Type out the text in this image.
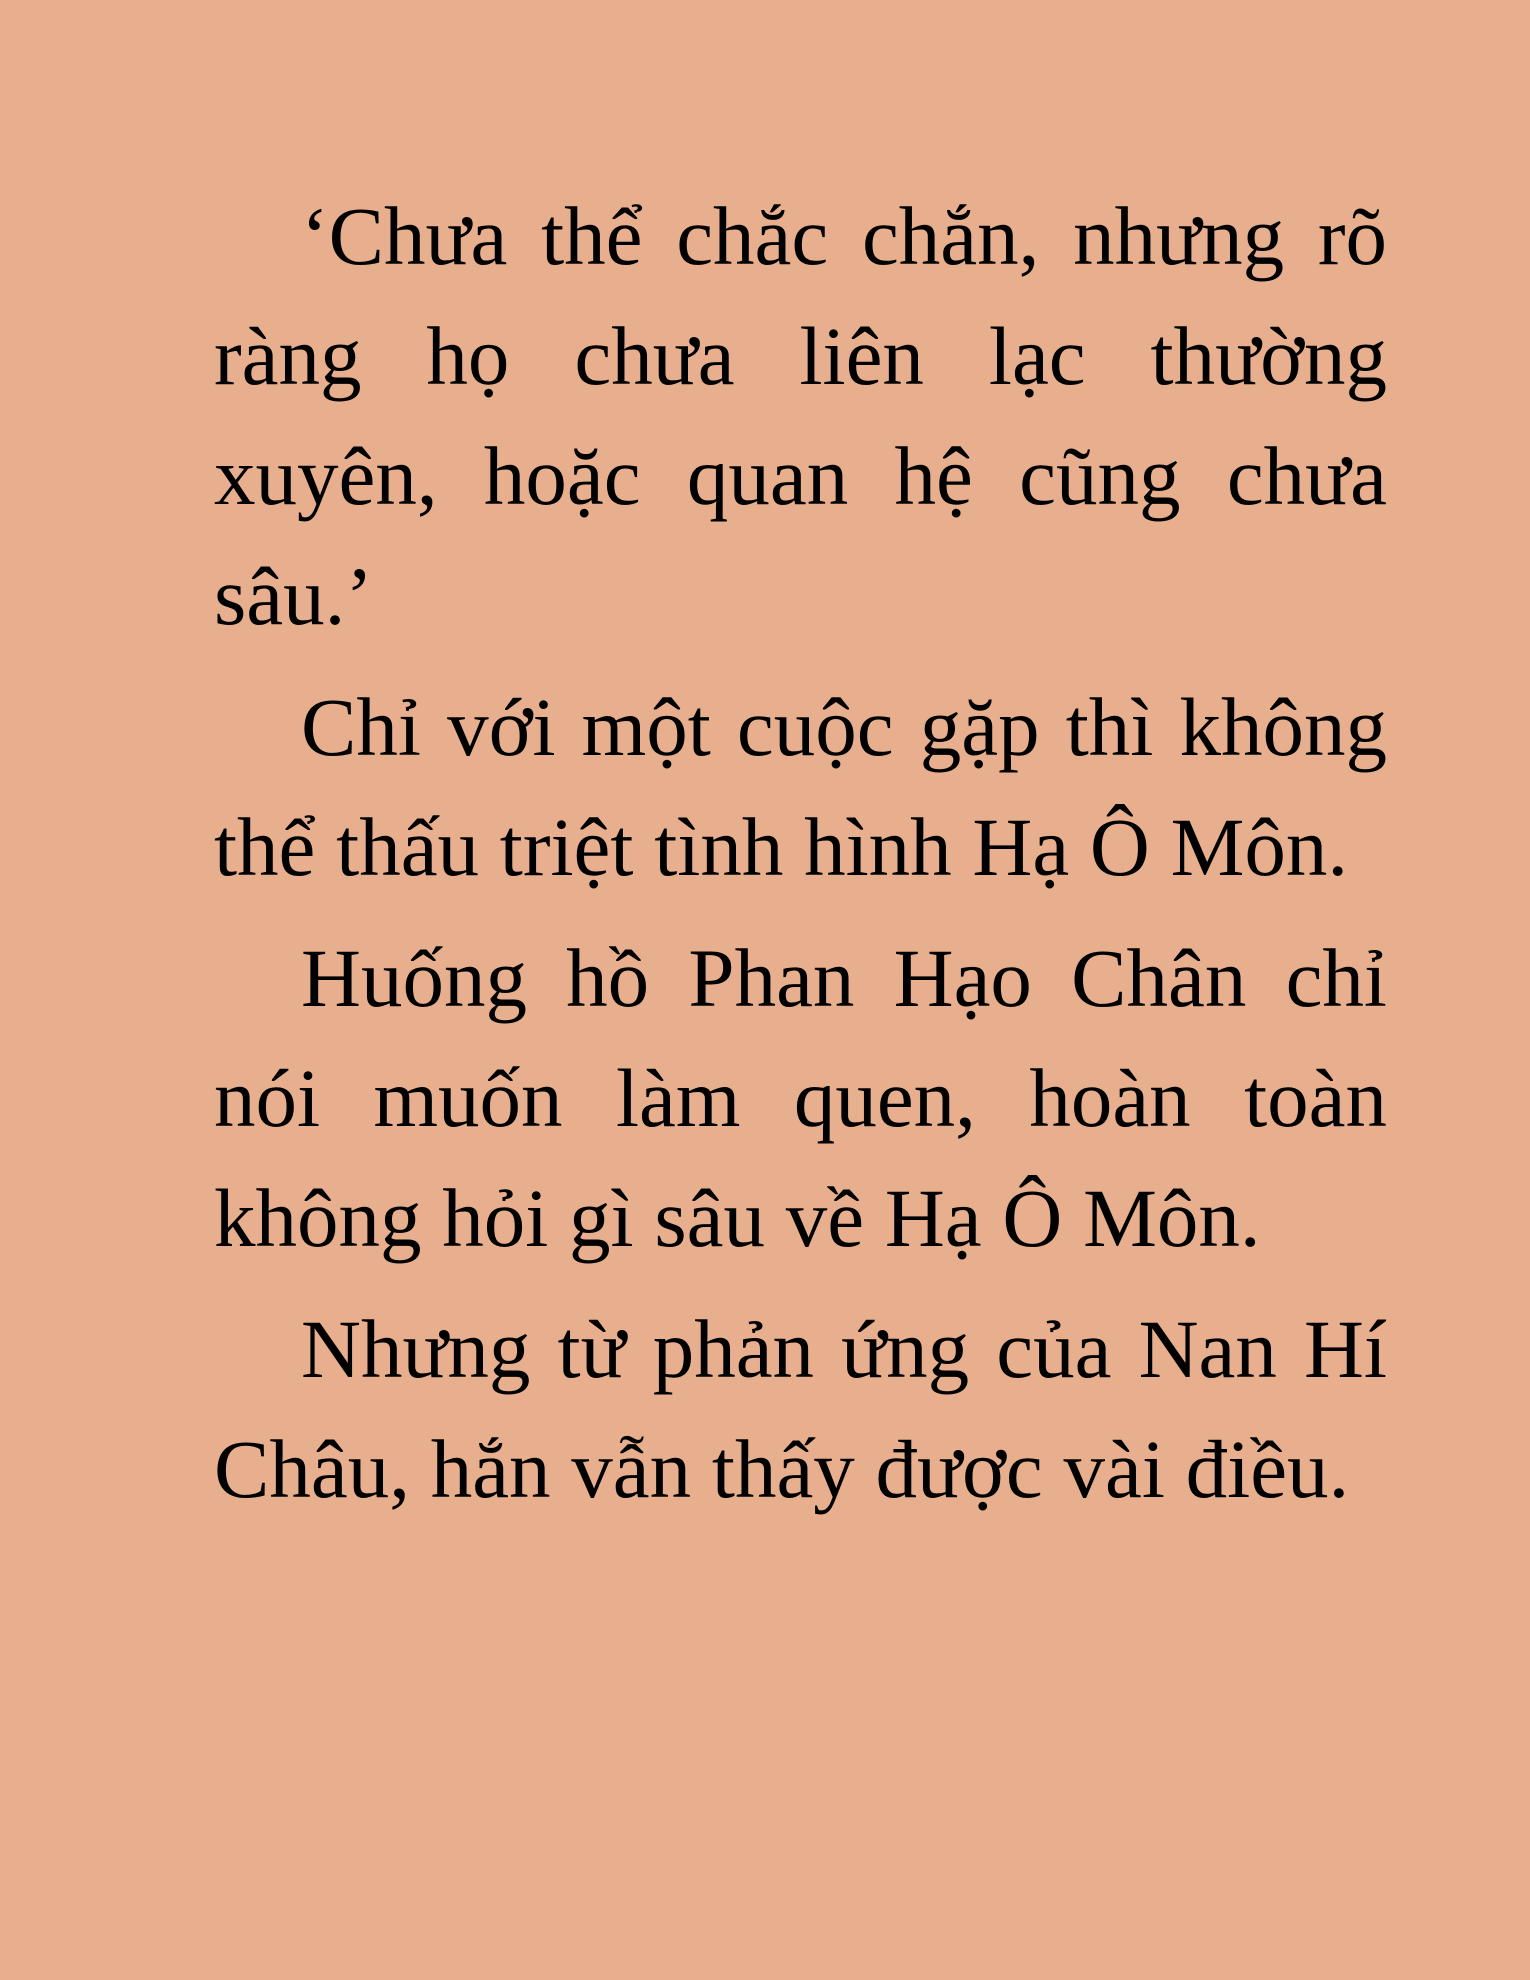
‘Chưa thể chắc chắn, nhưng rõ ràng họ chưa liên lạc thường xuyên, hoặc quan hệ cũng chưa sâu.’

Chỉ với một cuộc gặp thì không thể thấu triệt tình hình Hạ Ô Môn.

Huống hồ Phan Hạo Chân chỉ nói muốn làm quen, hoàn toàn không hỏi gì sâu về Hạ Ô Môn.

Nhưng từ phản ứng của Nan Hí Châu, hắn vẫn thấy được vài điều.
